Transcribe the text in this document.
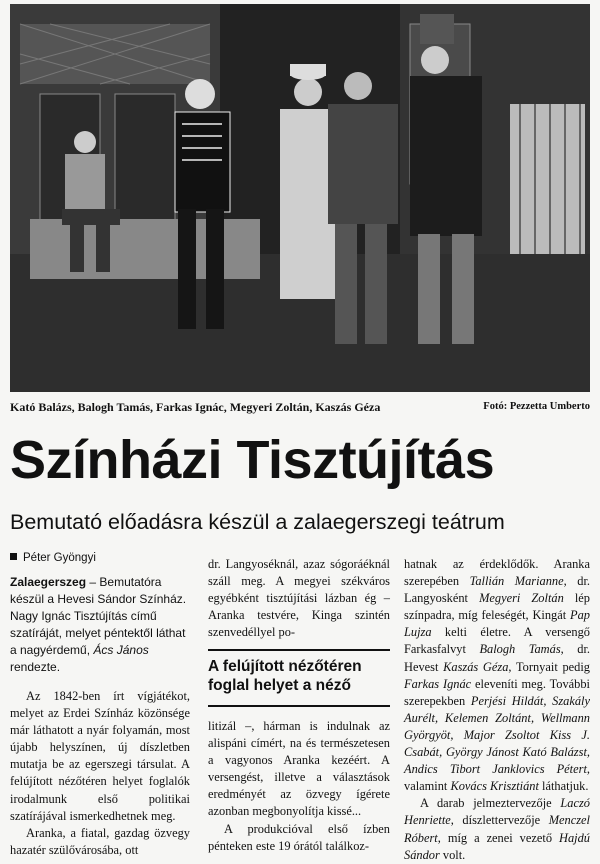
Kató Balázs, Balogh Tamás, Farkas Ignác, Megyeri Zoltán, Kaszás Géza	Fotó: Pezzetta Umberto
Színházi Tisztújítás
Bemutató előadásra készül a zalaegerszegi teátrum
Péter Gyöngyi

Zalaegerszeg – Bemutatóra készül a Hevesi Sándor Színház. Nagy Ignác Tisztújítás című szatíráját, melyet péntektől láthat a nagyérdemű, Ács János rendezte.

Az 1842-ben írt vígjátékot, melyet az Erdei Színház közönsége már láthatott a nyár folyamán, most újabb helyszínen, új díszletben mutatja be az egerszegi társulat. A felújított nézőtéren helyet foglalók irodalmunk első politikai szatírájával ismerkedhetnek meg.

Aranka, a fiatal, gazdag özvegy hazatér szülővárosába, ott

dr. Langyoséknál, azaz sógoráéknál száll meg. A megyei székváros egyébként tisztújítási lázban ég – Aranka testvére, Kinga szintén szenvedéllyel po-

A felújított nézőtéren foglal helyet a néző

litizál –, hárman is indulnak az alispáni címért, na és természetesen a vagyonos Aranka kezéért. A versengést, illetve a választások eredményét az özvegy ígérete azonban megbonyolítja kissé...

A produkcióval első ízben pénteken este 19 órától találkoz-

hatnak az érdeklődők. Aranka szerepében Tallián Marianne, dr. Langyosként Megyeri Zoltán lép színpadra, míg feleségét, Kingát Pap Lujza kelti életre. A versengő Farkasfalvyt Balogh Tamás, dr. Hevest Kaszás Géza, Tornyait pedig Farkas Ignác eleveníti meg. További szerepekben Perjési Hildát, Szakály Aurélt, Kelemen Zoltánt, Wellmann Györgyöt, Major Zsoltot Kiss J. Csabát, György Jánost Kató Balázst, Andics Tibort Janklovics Pétert, valamint Kovács Krisztiánt láthatjuk.

A darab jelmeztervezője Laczó Henriette, díszlettervezője Menczel Róbert, míg a zenei vezető Hajdú Sándor volt.
